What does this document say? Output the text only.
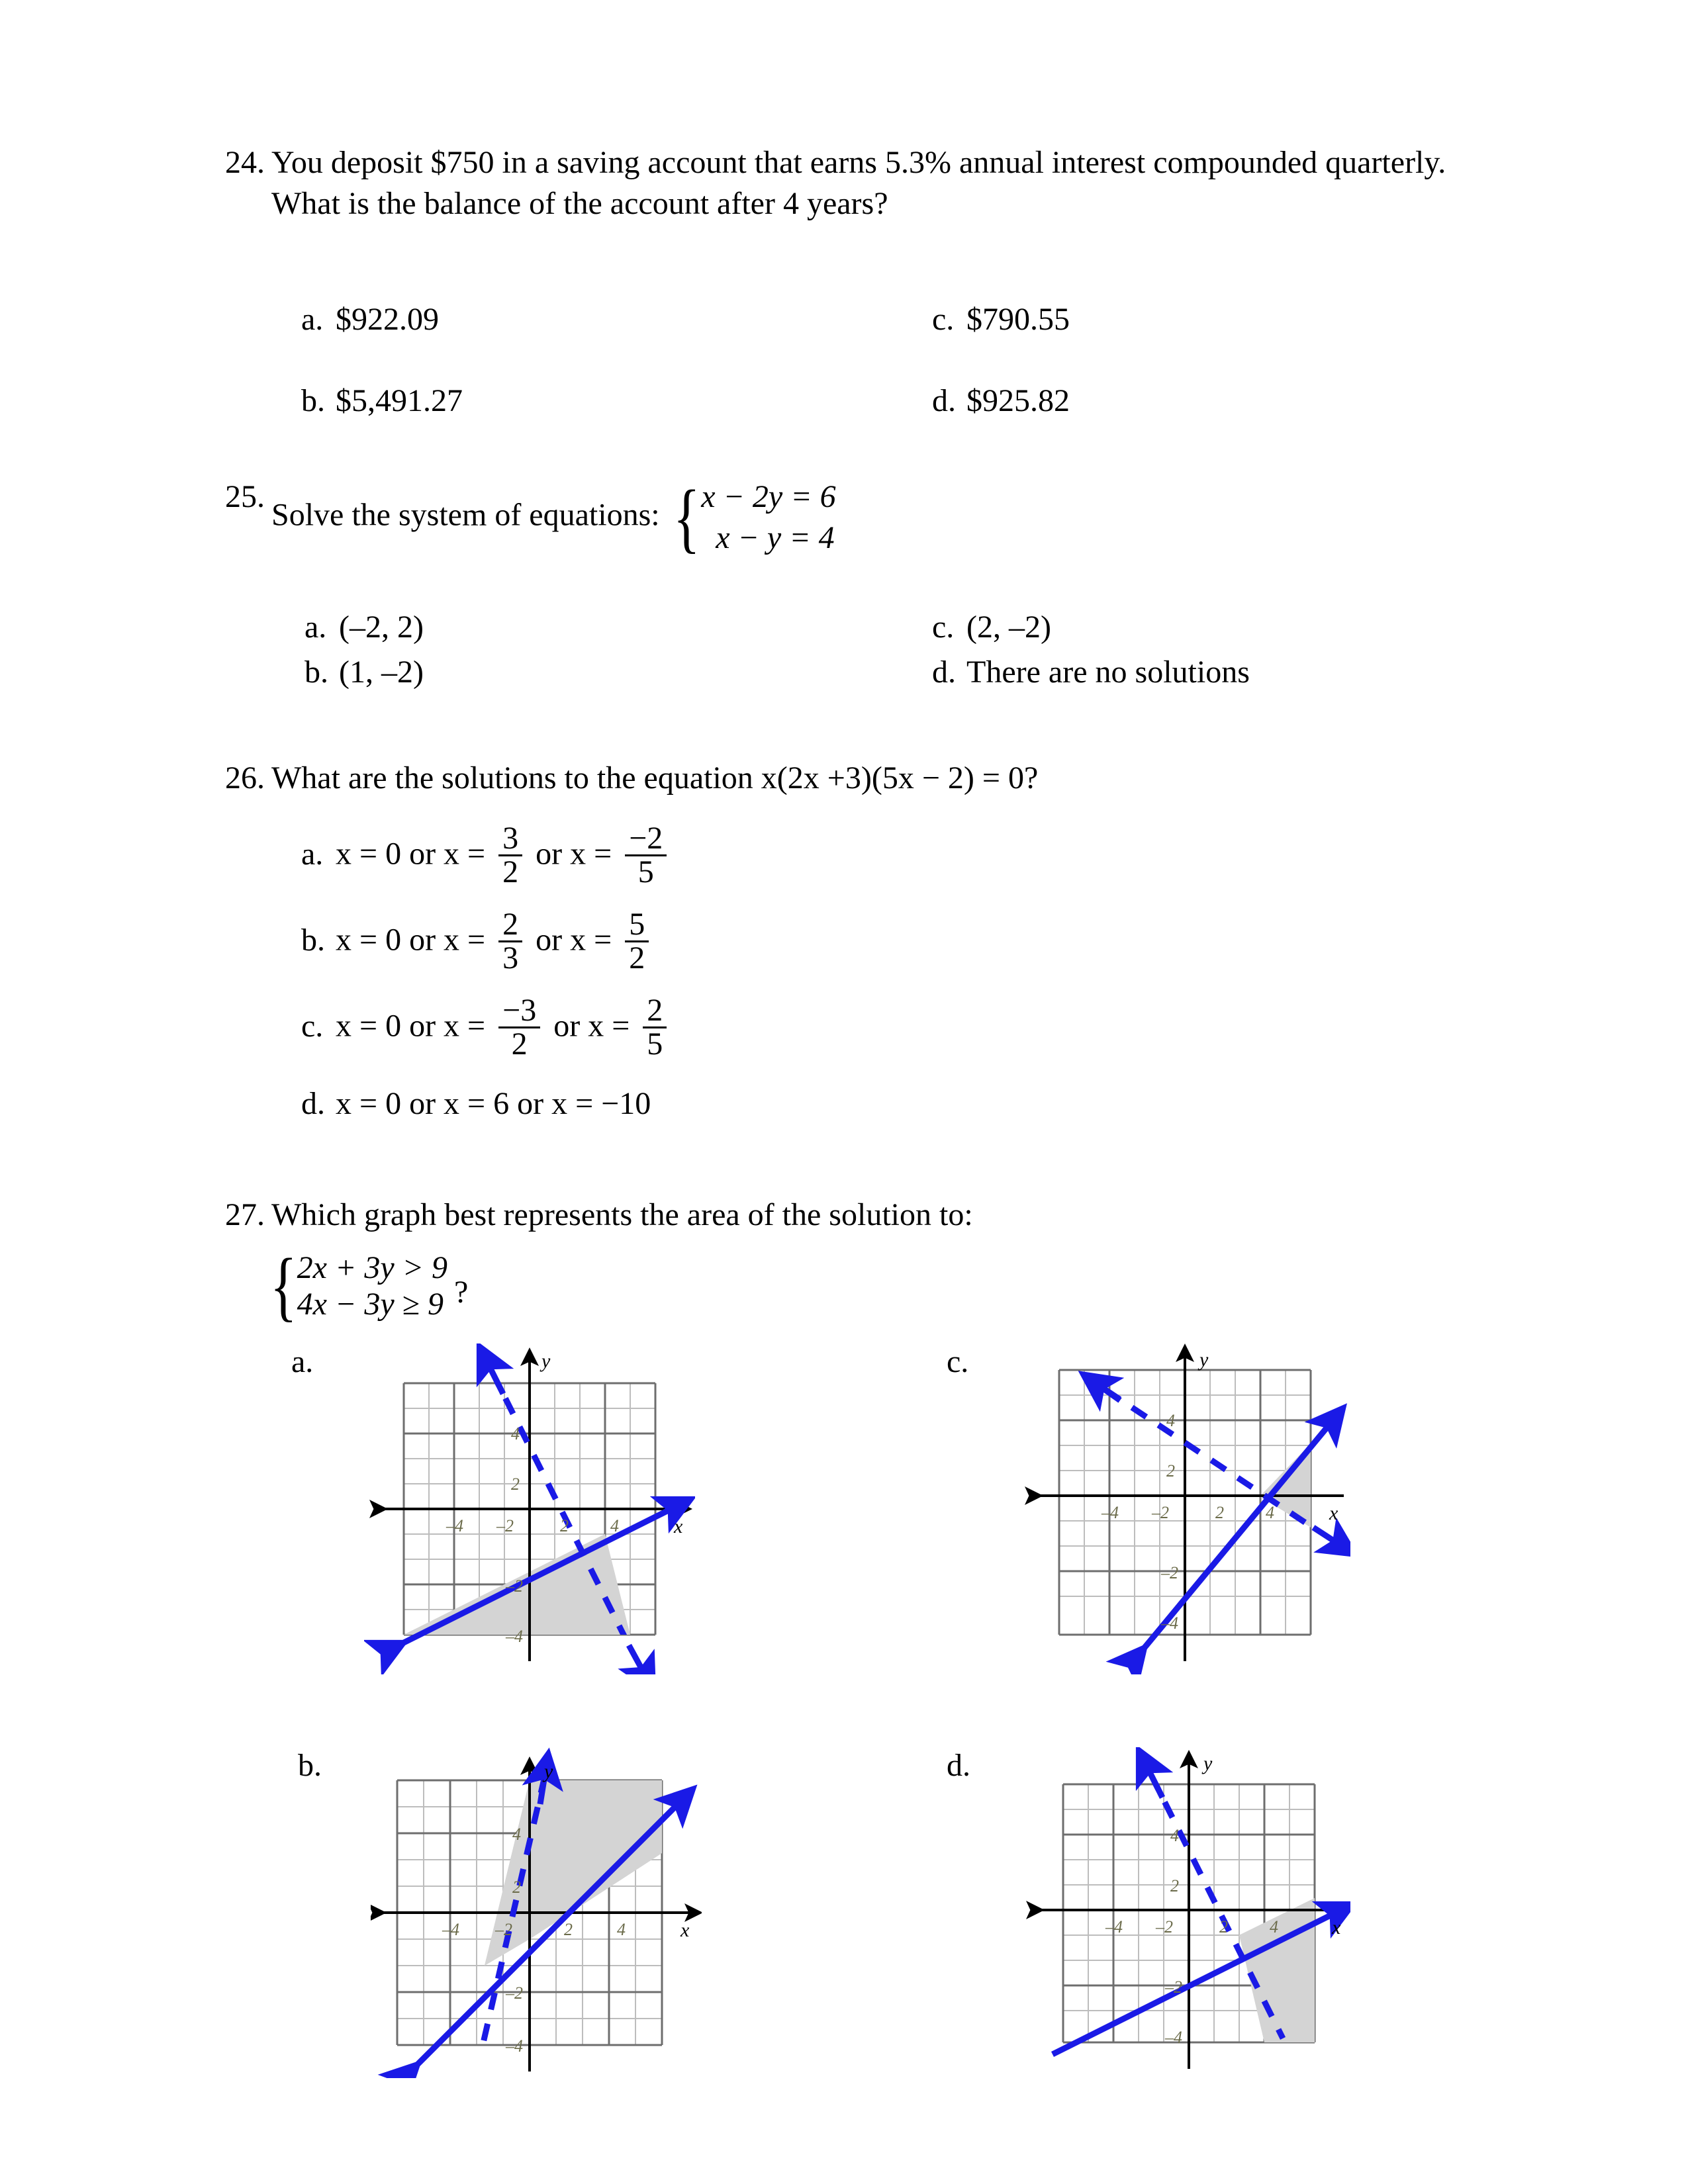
24. You deposit $750 in a saving account that earns 5.3% annual interest compounded quarterly. What is the balance of the account after 4 years?
a. $922.09
b. $5,491.27
c. $790.55
d. $925.82
25.
Solve the system of equations: { x − 2y = 6
x − y = 4
a. (–2, 2)
b. (1, –2)
c. (2, –2)
d. There are no solutions
26. What are the solutions to the equation x(2x +3)(5x − 2) = 0?
a. x = 0 or $x = \frac{3}{2}$ or $x = \frac{-2}{5}$
b. x = 0 or $x = \frac{2}{3}$ or $x = \frac{5}{2}$
c. x = 0 or $x = \frac{-3}{2}$ or $x = \frac{2}{5}$
d. x = 0 or x = 6 or x = −10
27. Which graph best represents the area of the solution to:
{ 2x + 3y > 9
4x − 3y ≥ 9 ?
a.
–4 –2	4
2
4
2
–2
–4
y
x
c.
–4 –2	2 4
4
2
–2
–4
y
x
b.
–4 –2	2	4
4
2
–2
–4
y
x
d.
–4 –2	2 4
4
2
–2
–4
y
x
